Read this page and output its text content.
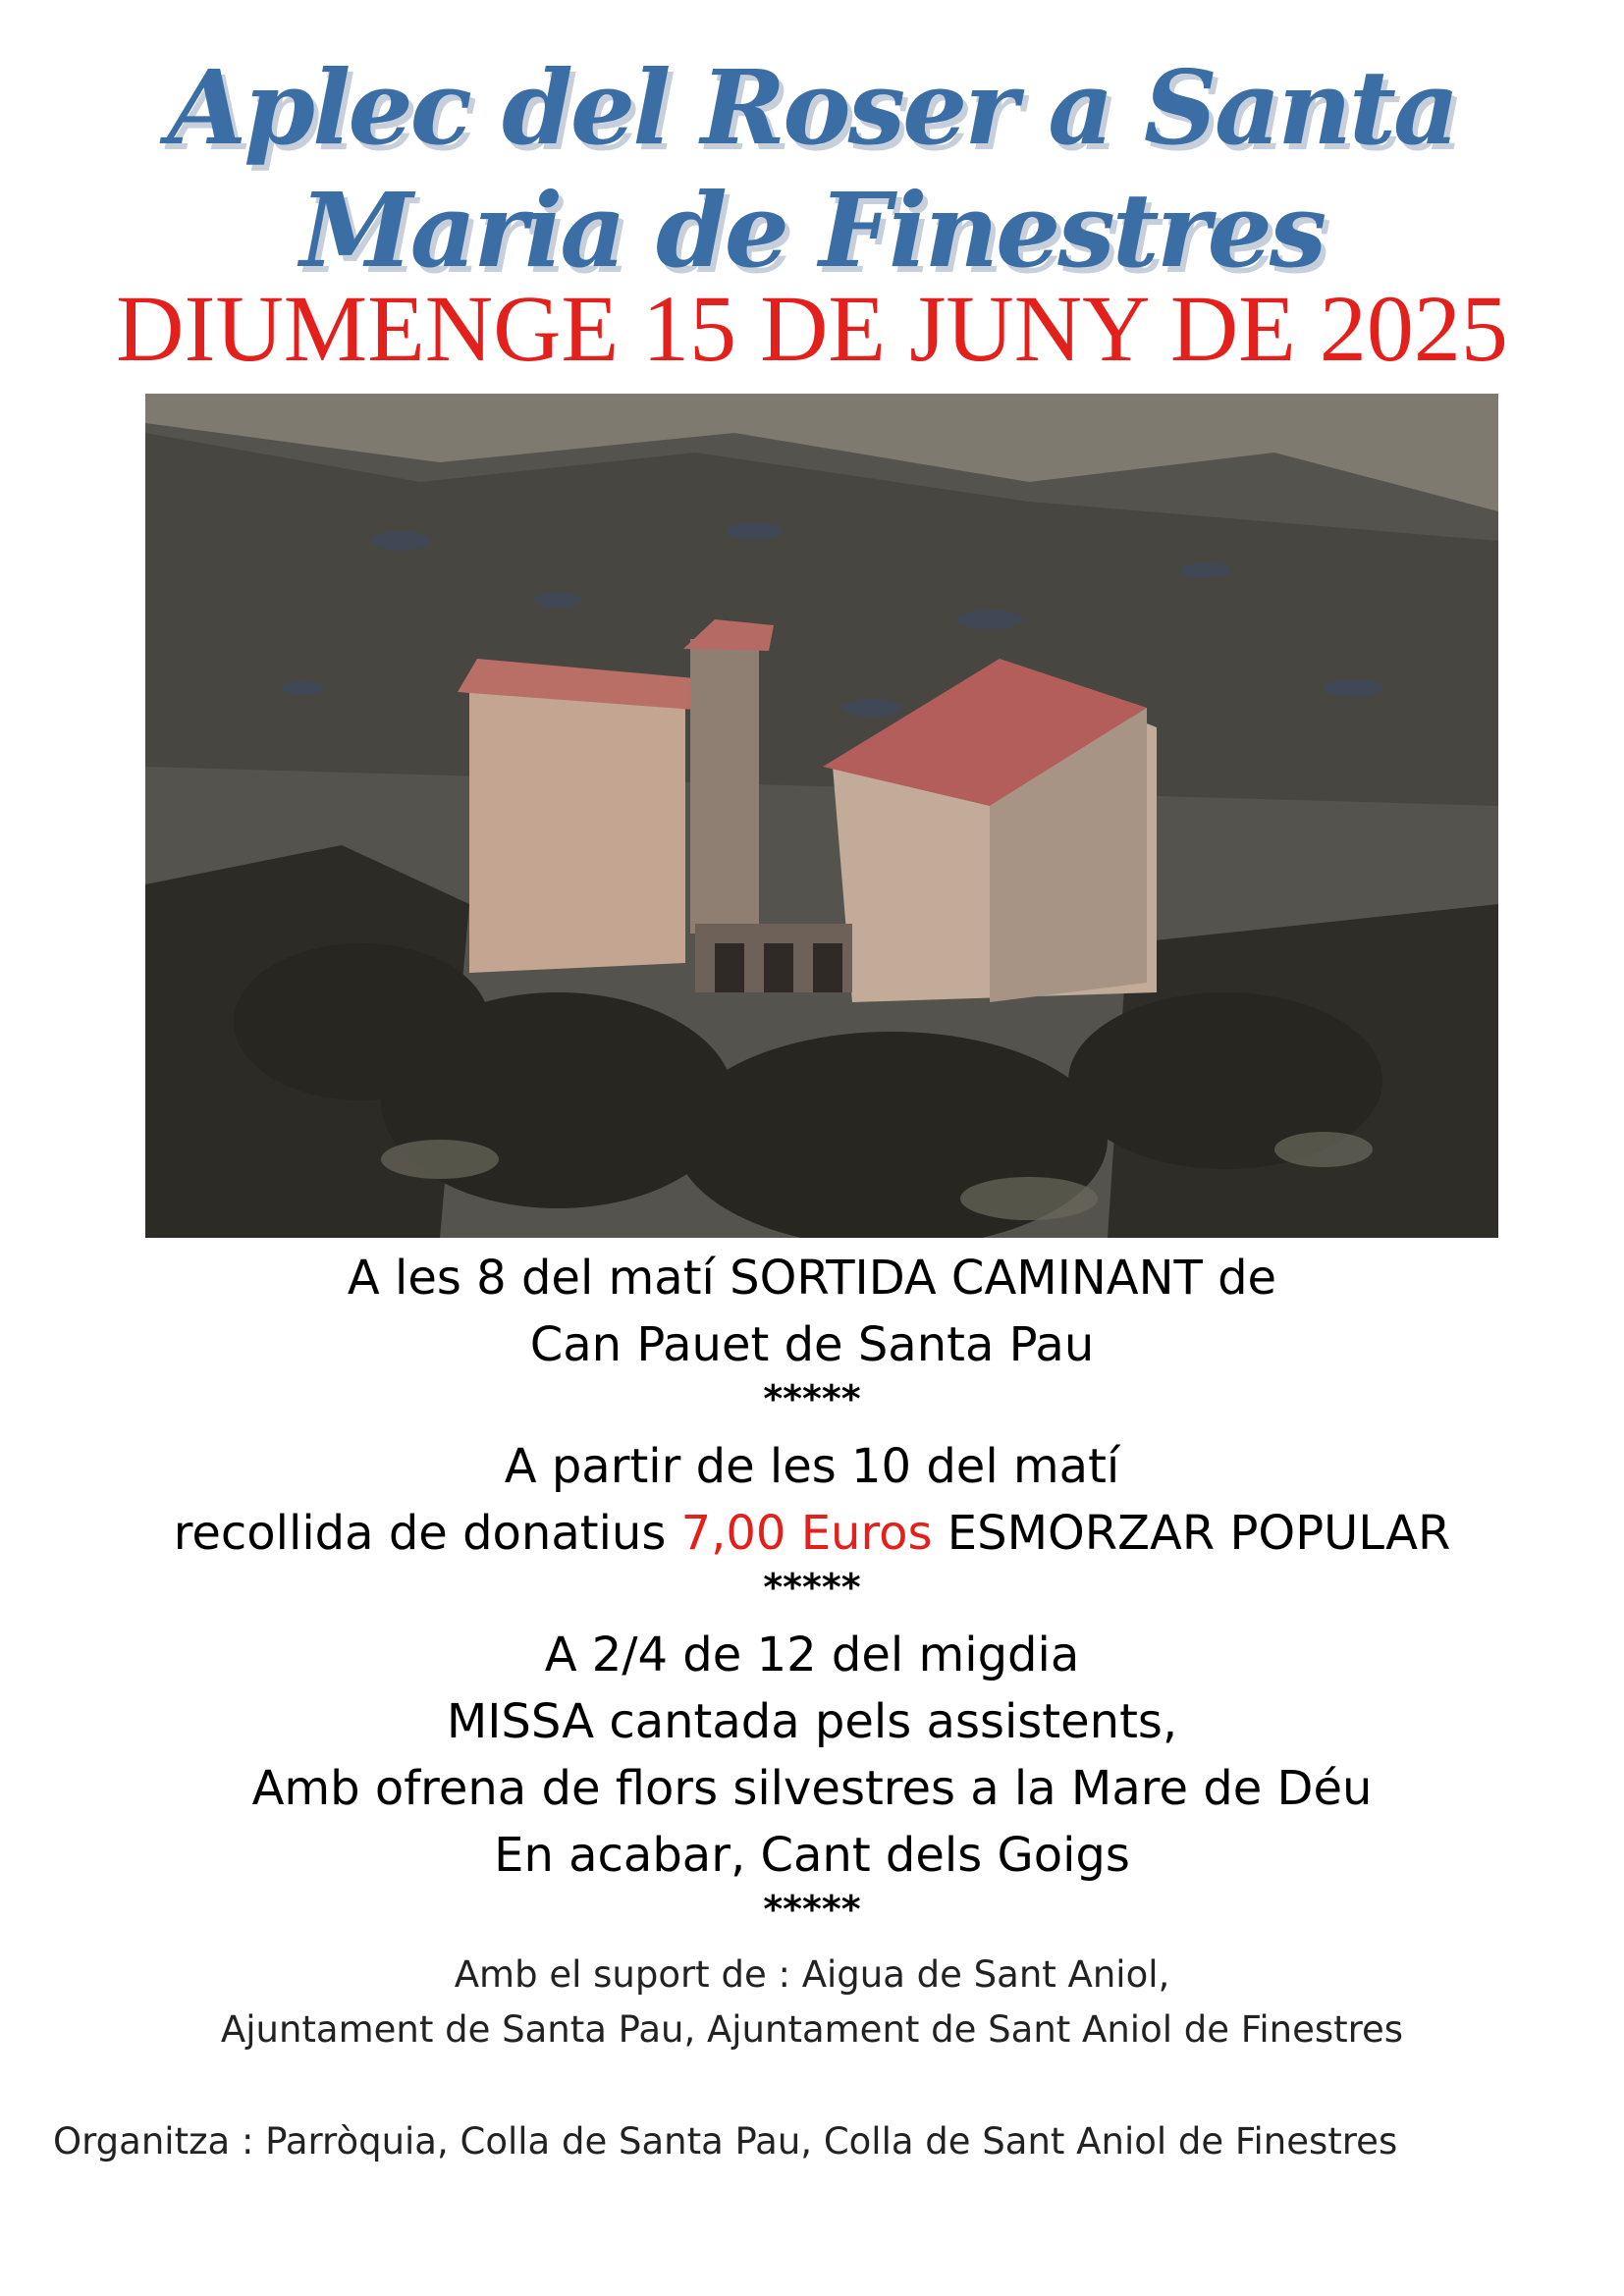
Aplec del Roser a Santa Maria de Finestres
DIUMENGE 15 DE JUNY DE 2025
A les 8 del matí SORTIDA CAMINANT de
Can Pauet de Santa Pau
*****
A partir de les 10 del matí
recollida de donatius 7,00 Euros ESMORZAR POPULAR
*****
A 2/4 de 12 del migdia
MISSA cantada pels assistents,
Amb ofrena de flors silvestres a la Mare de Déu
En acabar, Cant dels Goigs
*****
Amb el suport de : Aigua de Sant Aniol,
Ajuntament de Santa Pau, Ajuntament de Sant Aniol de Finestres
Organitza : Parròquia, Colla de Santa Pau, Colla de Sant Aniol de Finestres
